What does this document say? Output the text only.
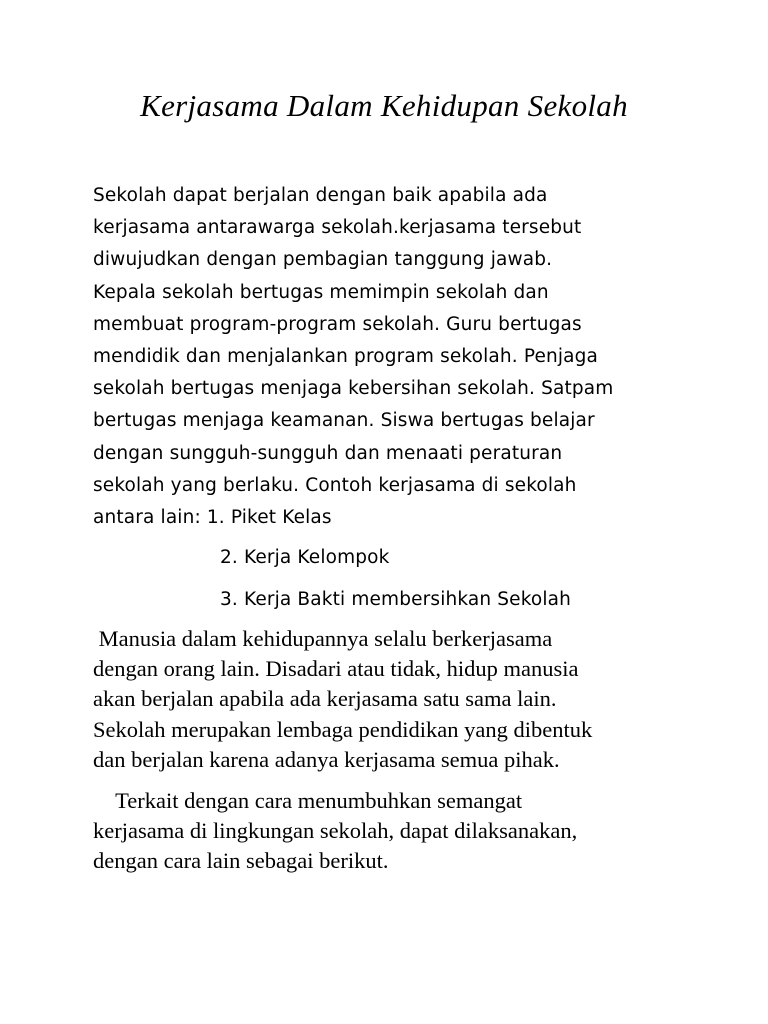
Kerjasama Dalam Kehidupan Sekolah
Sekolah dapat berjalan dengan baik apabila ada
kerjasama antarawarga sekolah.kerjasama tersebut
diwujudkan dengan pembagian tanggung jawab.
Kepala sekolah bertugas memimpin sekolah dan
membuat program-program sekolah. Guru bertugas
mendidik dan menjalankan program sekolah. Penjaga
sekolah bertugas menjaga kebersihan sekolah. Satpam
bertugas menjaga keamanan. Siswa bertugas belajar
dengan sungguh-sungguh dan menaati peraturan
sekolah yang berlaku. Contoh kerjasama di sekolah
antara lain: 1. Piket Kelas
2. Kerja Kelompok
3. Kerja Bakti membersihkan Sekolah
Manusia dalam kehidupannya selalu berkerjasama
dengan orang lain. Disadari atau tidak, hidup manusia
akan berjalan apabila ada kerjasama satu sama lain.
Sekolah merupakan lembaga pendidikan yang dibentuk
dan berjalan karena adanya kerjasama semua pihak.
Terkait dengan cara menumbuhkan semangat
kerjasama di lingkungan sekolah, dapat dilaksanakan,
dengan cara lain sebagai berikut.
